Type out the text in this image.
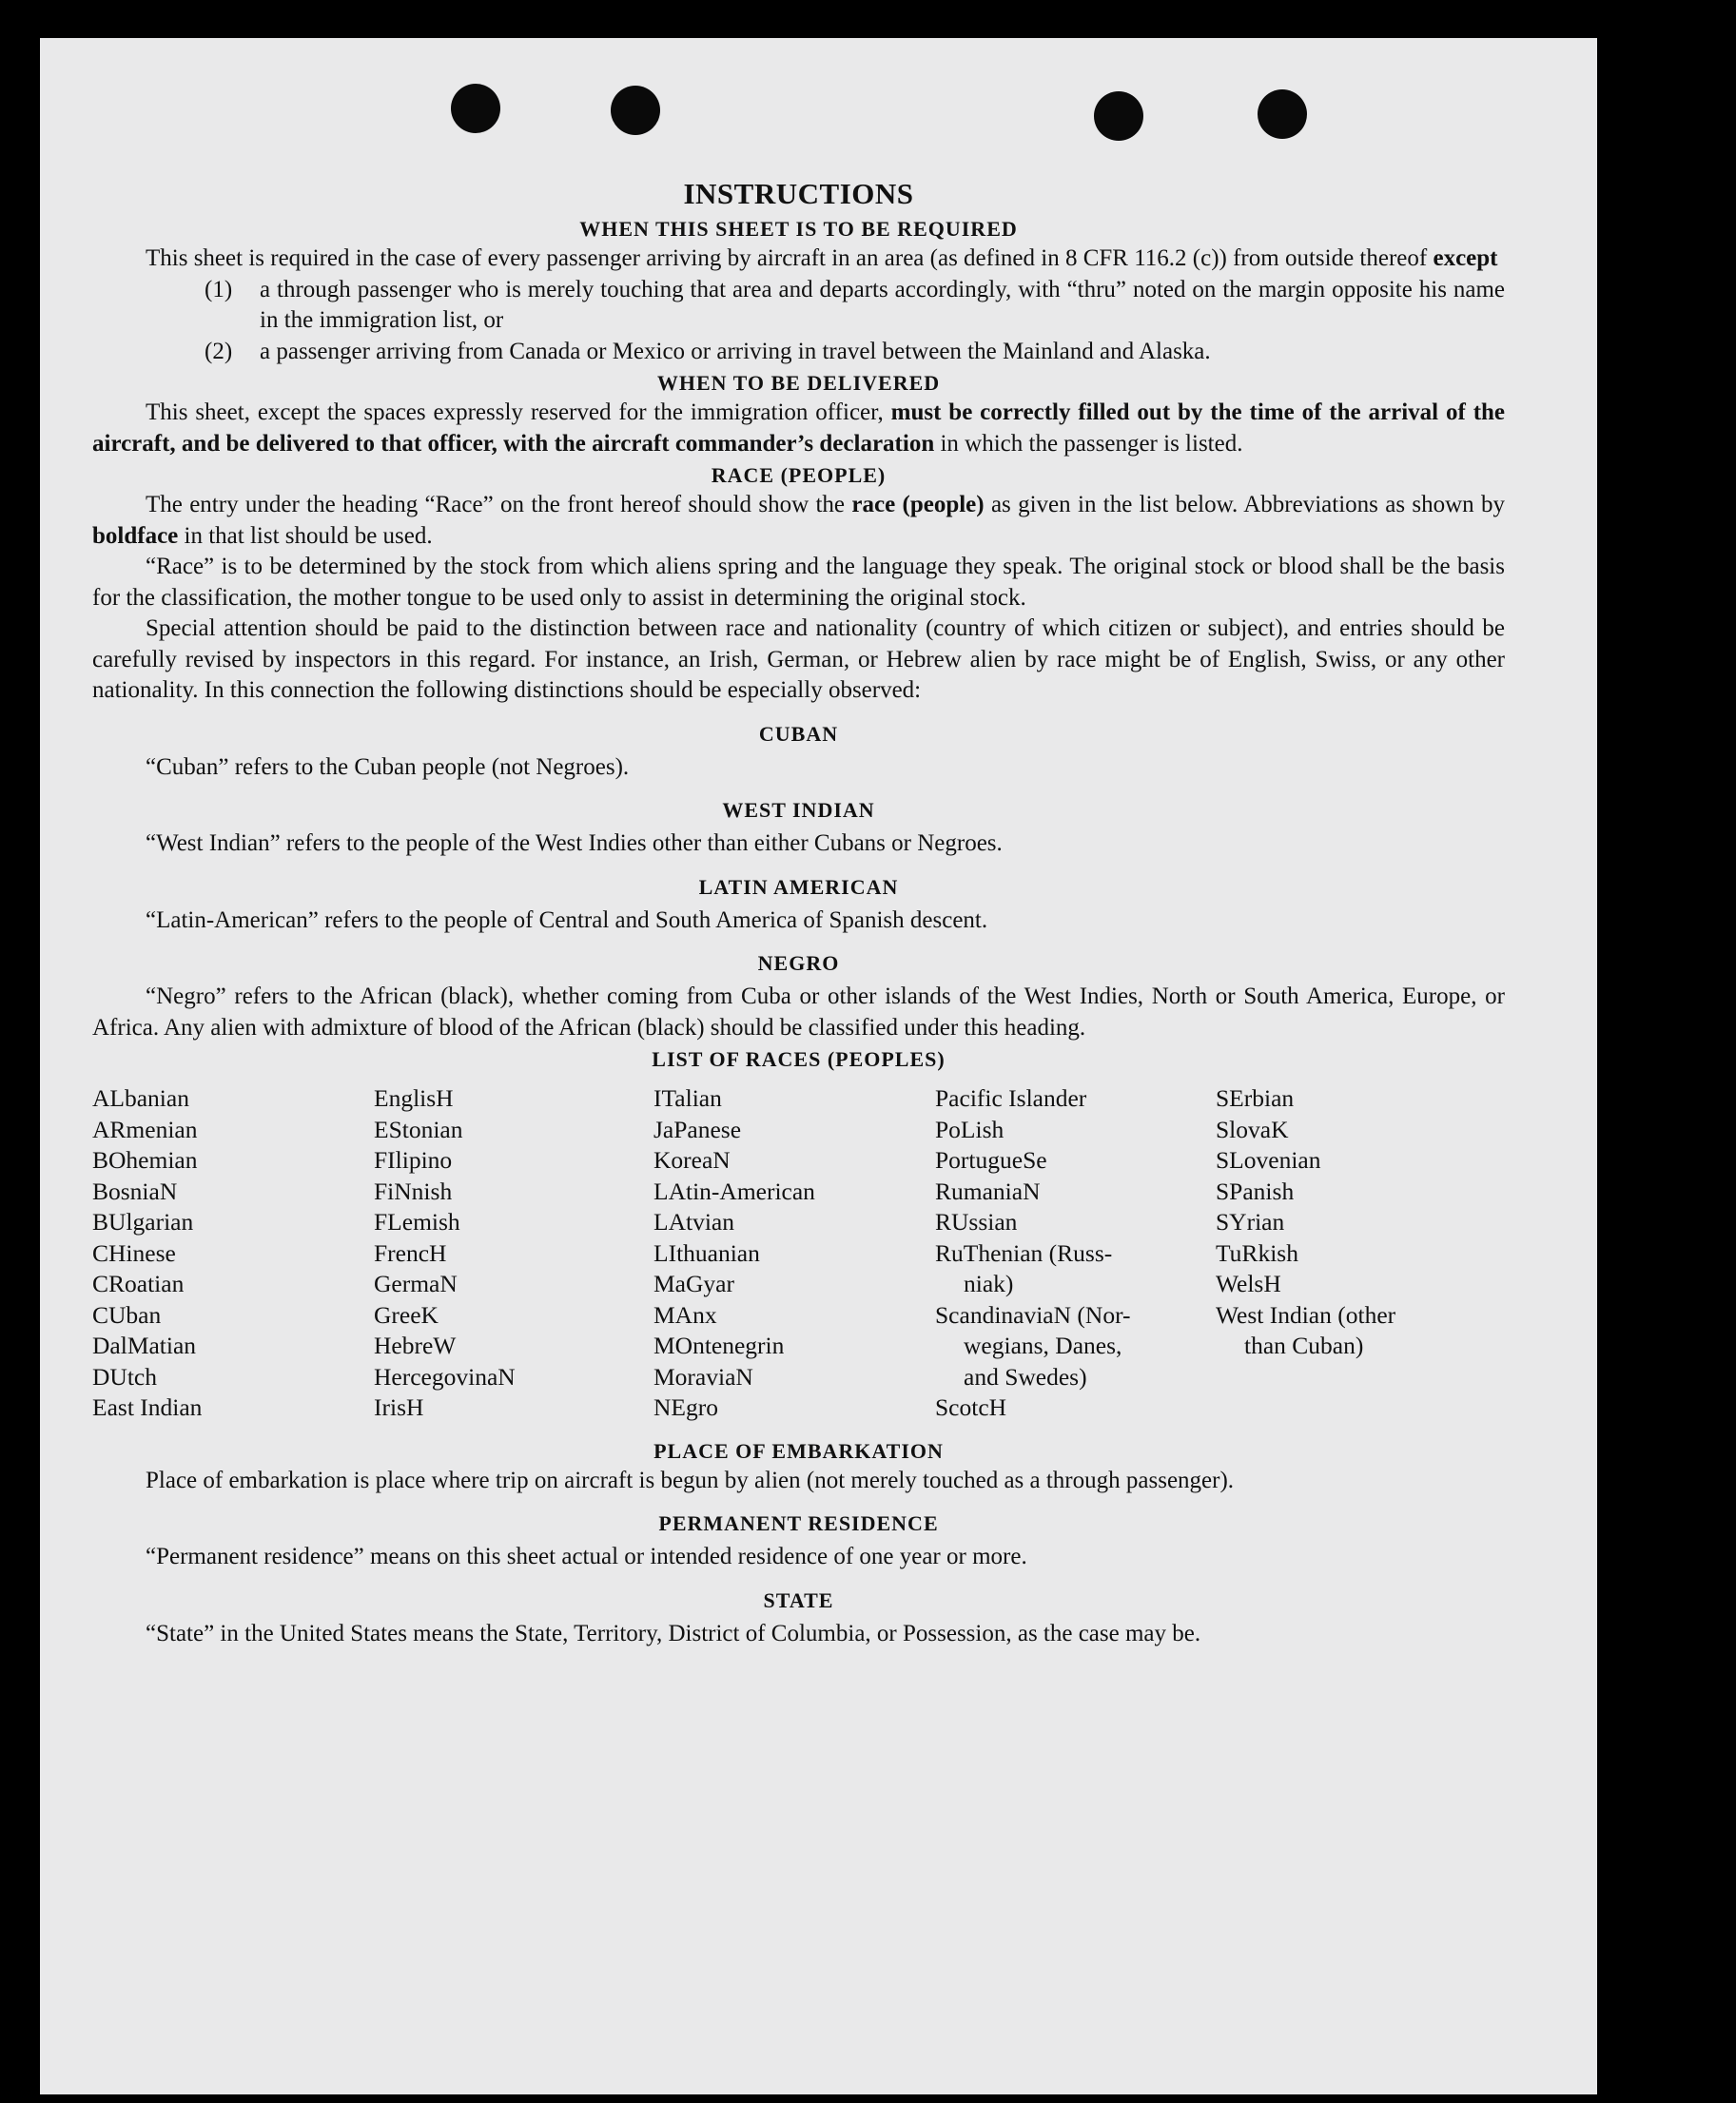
INSTRUCTIONS
WHEN THIS SHEET IS TO BE REQUIRED

This sheet is required in the case of every passenger arriving by aircraft in an area (as defined in 8 CFR 116.2 (c)) from outside thereof except

(1)	a through passenger who is merely touching that area and departs accordingly, with “thru” noted on the margin opposite his name in the immigration list, or
(2)	a passenger arriving from Canada or Mexico or arriving in travel between the Mainland and Alaska.
WHEN TO BE DELIVERED

This sheet, except the spaces expressly reserved for the immigration officer, must be correctly filled out by the time of the arrival of the aircraft, and be delivered to that officer, with the aircraft commander’s declaration in which the passenger is listed.

RACE (PEOPLE)

The entry under the heading “Race” on the front hereof should show the race (people) as given in the list below. Abbreviations as shown by boldface in that list should be used.

“Race” is to be determined by the stock from which aliens spring and the language they speak. The original stock or blood shall be the basis for the classification, the mother tongue to be used only to assist in determining the original stock.

Special attention should be paid to the distinction between race and nationality (country of which citizen or subject), and entries should be carefully revised by inspectors in this regard. For instance, an Irish, German, or Hebrew alien by race might be of English, Swiss, or any other nationality. In this connection the following distinctions should be especially observed:

CUBAN

“Cuban” refers to the Cuban people (not Negroes).

WEST INDIAN

“West Indian” refers to the people of the West Indies other than either Cubans or Negroes.

LATIN AMERICAN

“Latin-American” refers to the people of Central and South America of Spanish descent.

NEGRO

“Negro” refers to the African (black), whether coming from Cuba or other islands of the West Indies, North or South America, Europe, or Africa. Any alien with admixture of blood of the African (black) should be classified under this heading.

LIST OF RACES (PEOPLES)
ALbanian
ARmenian
BOhemian
BosniaN
BUlgarian
CHinese
CRoatian
CUban
DalMatian
DUtch
East Indian
EnglisH
EStonian
FIlipino
FiNnish
FLemish
FrencH
GermaN
GreeK
HebreW
HercegovinaN
IrisH
ITalian
JaPanese
KoreaN
LAtin-American
LAtvian
LIthuanian
MaGyar
MAnx
MOntenegrin
MoraviaN
NEgro
Pacific Islander
PoLish
PortugueSe
RumaniaN
RUssian
RuThenian (Russ-
niak)
ScandinaviaN (Nor-
wegians, Danes,
and Swedes)
ScotcH
SErbian
SlovaK
SLovenian
SPanish
SYrian
TuRkish
WelsH
West Indian (other
than Cuban)
PLACE OF EMBARKATION

Place of embarkation is place where trip on aircraft is begun by alien (not merely touched as a through passenger).

PERMANENT RESIDENCE

“Permanent residence” means on this sheet actual or intended residence of one year or more.

STATE

“State” in the United States means the State, Territory, District of Columbia, or Possession, as the case may be.
